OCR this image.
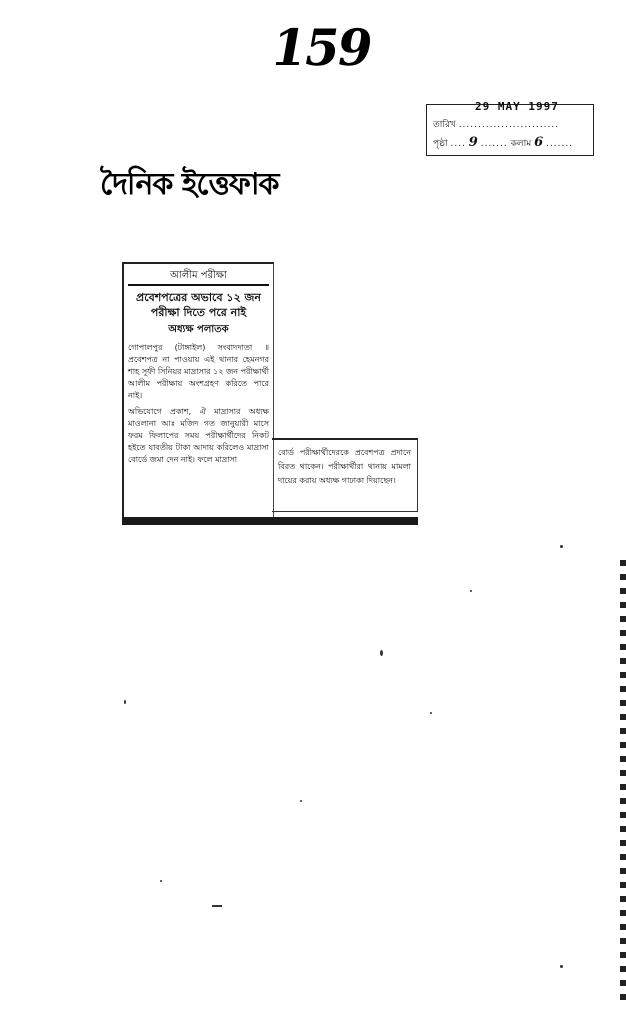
159
29 MAY 1997
তারিখ ..........................
পৃষ্ঠা .... 9 ....... কলাম 6 .......
দৈনিক ইত্তেফাক
আলীম পরীক্ষা
প্রবেশপত্রের অভাবে ১২ জন পরীক্ষা দিতে পরে নাই
অধ্যক্ষ পলাতক
গোপালপুর (টাঙ্গাইল) সংবাদদাতা ॥ প্রবেশপত্র না পাওয়ায় এই থানার হেমনগর শাহ সূফী সিনিয়র মাদ্রাসার ১২ জন পরীক্ষার্থী আলীম পরীক্ষায় অংশগ্রহণ করিতে পারে নাই।
অভিযোগে প্রকাশ, ঐ মাদ্রাসার অধ্যক্ষ মাওলানা আঃ মজিদ গত জানুয়ারী মাসে ফরম ফিলাপের সময় পরীক্ষার্থীদের নিকট হইতে যাবতীয় টাকা আদায় করিলেও মাদ্রাসা বোর্ডে জমা দেন নাই। ফলে মাদ্রাসা
বোর্ড পরীক্ষার্থীদেরকে প্রবেশপত্র প্রদানে বিরত থাকেন। পরীক্ষার্থীরা থানায় মামলা দায়ের করায় অধ্যক্ষ গাঢাকা দিয়াছেন।
